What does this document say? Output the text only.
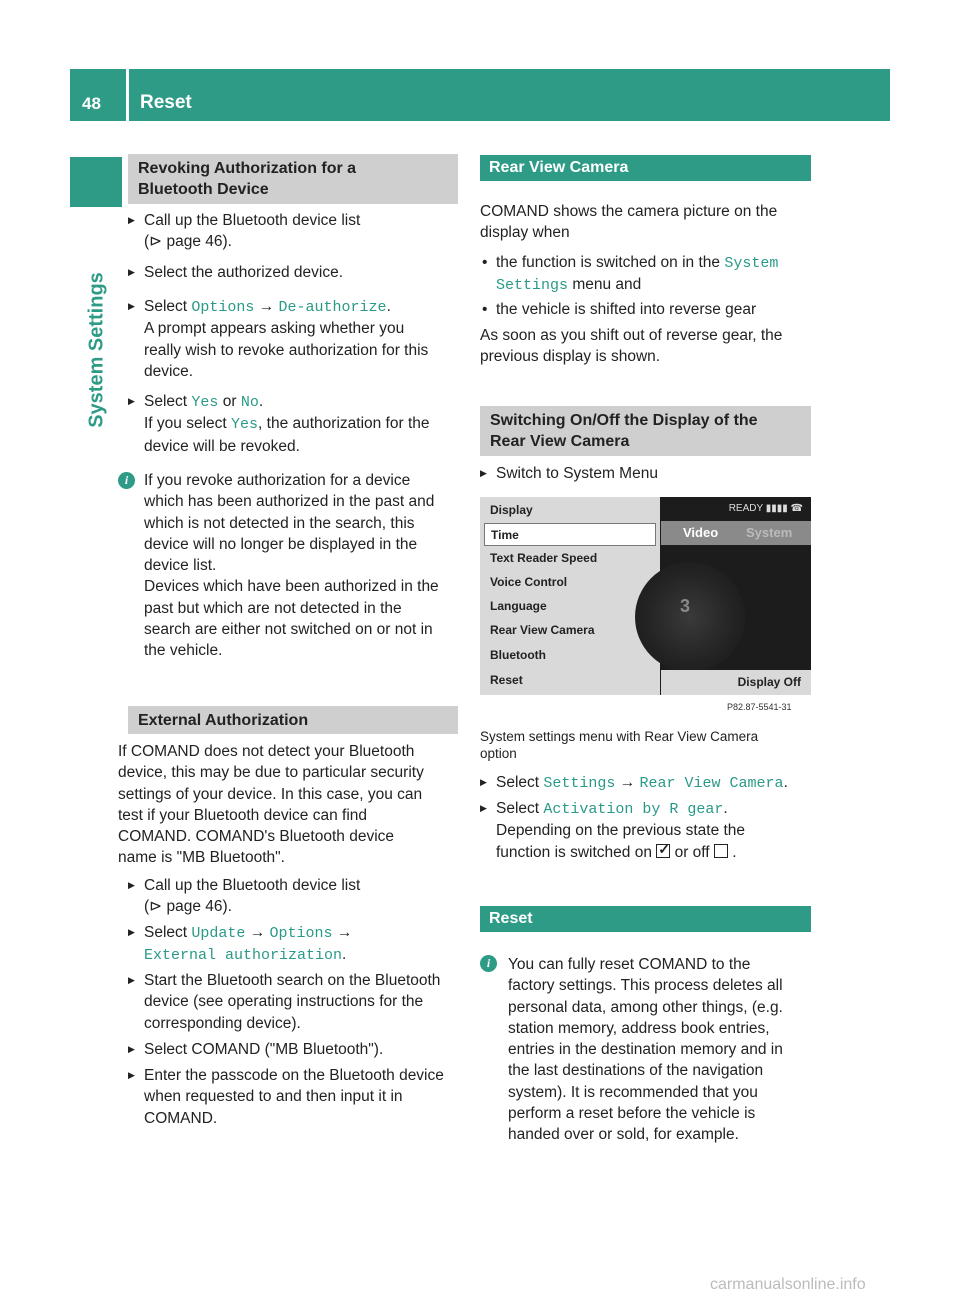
48 Reset
System Settings
Revoking Authorization for a
Bluetooth Device
▶ Call up the Bluetooth device list
(⊳ page 46).
▶ Select the authorized device.
▶ Select Options → De-authorize.
A prompt appears asking whether you
really wish to revoke authorization for this
device.
▶ Select Yes or No.
If you select Yes, the authorization for the
device will be revoked.
i	If you revoke authorization for a device
which has been authorized in the past and
which is not detected in the search, this
device will no longer be displayed in the
device list.
Devices which have been authorized in the
past but which are not detected in the
search are either not switched on or not in
the vehicle.
External Authorization
If COMAND does not detect your Bluetooth
device, this may be due to particular security
settings of your device. In this case, you can
test if your Bluetooth device can find
COMAND. COMAND's Bluetooth device
name is "MB Bluetooth".
▶ Call up the Bluetooth device list
(⊳ page 46).
▶ Select Update → Options →
External authorization.
▶ Start the Bluetooth search on the Bluetooth
device (see operating instructions for the
corresponding device).
▶ Select COMAND ("MB Bluetooth").
▶ Enter the passcode on the Bluetooth device
when requested to and then input it in
COMAND.
Rear View Camera
COMAND shows the camera picture on the
display when
• the function is switched on in the System
Settings menu and
• the vehicle is shifted into reverse gear
As soon as you shift out of reverse gear, the
previous display is shown.
Switching On/Off the Display of the
Rear View Camera
▶ Switch to System Menu
Display
Time
Text Reader Speed
Voice Control
Language
Rear View Camera
Bluetooth
Reset
3
READY ▮▮▮▮ ☎
Video System
Display Off
P82.87-5541-31
System settings menu with Rear View Camera
option
▶ Select Settings → Rear View Camera.
▶ Select Activation by R gear.
Depending on the previous state the
function is switched on ✓ or off  .
Reset
i	You can fully reset COMAND to the
factory settings. This process deletes all
personal data, among other things, (e.g.
station memory, address book entries,
entries in the destination memory and in
the last destinations of the navigation
system). It is recommended that you
perform a reset before the vehicle is
handed over or sold, for example.
carmanualsonline.info
